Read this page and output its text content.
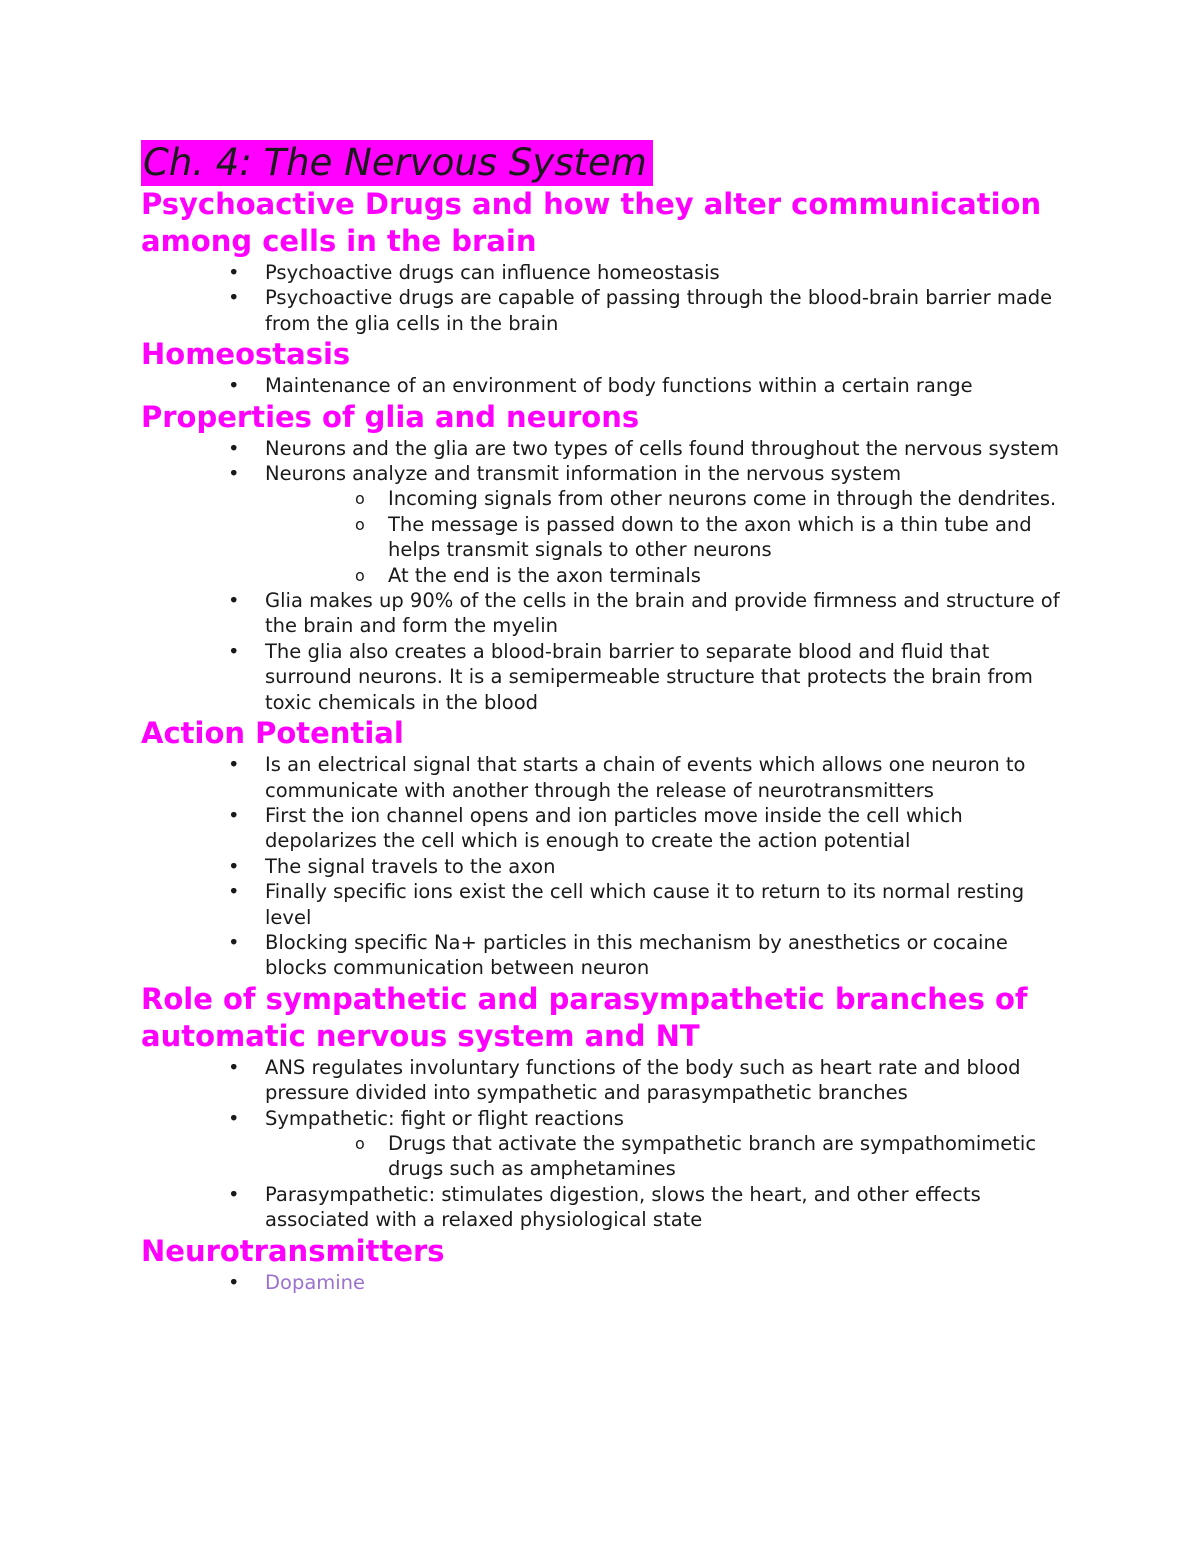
Ch. 4: The Nervous System
Psychoactive Drugs and how they alter communication among cells in the brain
• Psychoactive drugs can influence homeostasis
• Psychoactive drugs are capable of passing through the blood-brain barrier made from the glia cells in the brain
Homeostasis
• Maintenance of an environment of body functions within a certain range
Properties of glia and neurons
• Neurons and the glia are two types of cells found throughout the nervous system
• Neurons analyze and transmit information in the nervous system
o Incoming signals from other neurons come in through the dendrites.
o The message is passed down to the axon which is a thin tube and helps transmit signals to other neurons
o At the end is the axon terminals
• Glia makes up 90% of the cells in the brain and provide firmness and structure of the brain and form the myelin
• The glia also creates a blood-brain barrier to separate blood and fluid that surround neurons. It is a semipermeable structure that protects the brain from toxic chemicals in the blood
Action Potential
• Is an electrical signal that starts a chain of events which allows one neuron to communicate with another through the release of neurotransmitters
• First the ion channel opens and ion particles move inside the cell which depolarizes the cell which is enough to create the action potential
• The signal travels to the axon
• Finally specific ions exist the cell which cause it to return to its normal resting level
• Blocking specific Na+ particles in this mechanism by anesthetics or cocaine blocks communication between neuron
Role of sympathetic and parasympathetic branches of automatic nervous system and NT
• ANS regulates involuntary functions of the body such as heart rate and blood pressure divided into sympathetic and parasympathetic branches
• Sympathetic: fight or flight reactions
o Drugs that activate the sympathetic branch are sympathomimetic drugs such as amphetamines
• Parasympathetic: stimulates digestion, slows the heart, and other effects associated with a relaxed physiological state
Neurotransmitters
• Dopamine
